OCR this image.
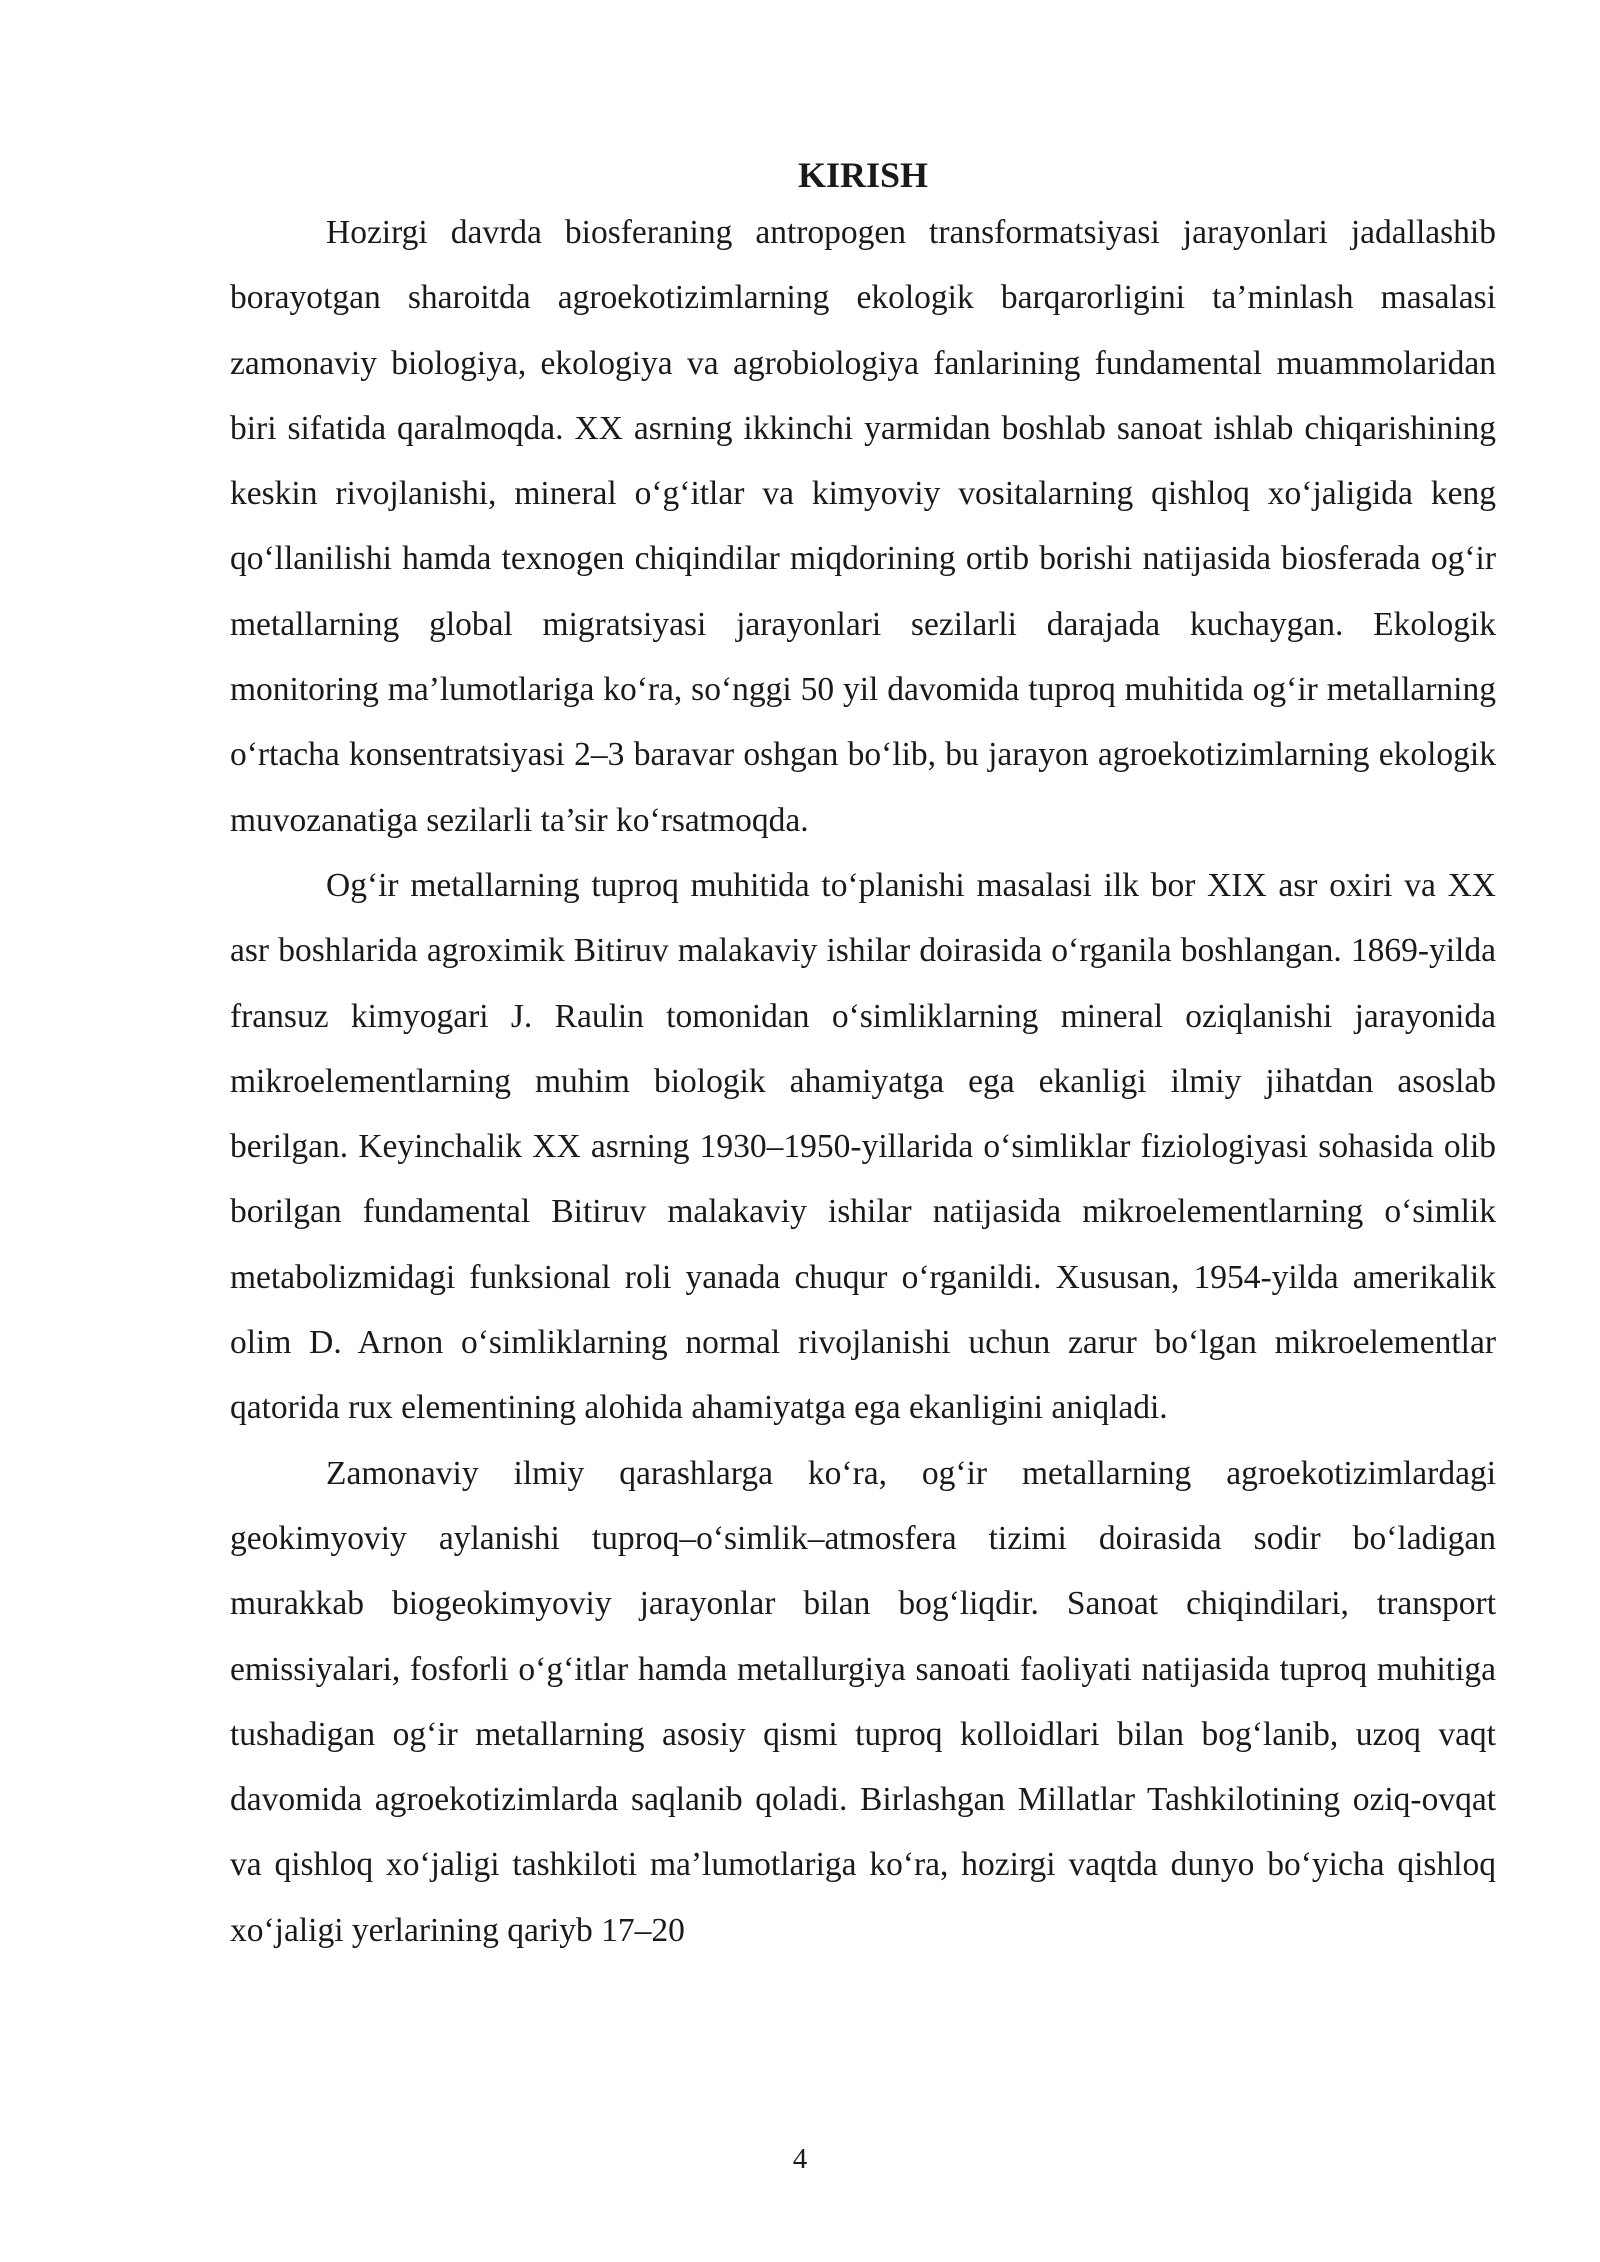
KIRISH

Hozirgi davrda biosferaning antropogen transformatsiyasi jarayonlari jadallashib borayotgan sharoitda agroekotizimlarning ekologik barqarorligini ta’minlash masalasi zamonaviy biologiya, ekologiya va agrobiologiya fanlarining fundamental muammolaridan biri sifatida qaralmoqda. XX asrning ikkinchi yarmidan boshlab sanoat ishlab chiqarishining keskin rivojlanishi, mineral o‘g‘itlar va kimyoviy vositalarning qishloq xo‘jaligida keng qo‘llanilishi hamda texnogen chiqindilar miqdorining ortib borishi natijasida biosferada og‘ir metallarning global migratsiyasi jarayonlari sezilarli darajada kuchaygan. Ekologik monitoring ma’lumotlariga ko‘ra, so‘nggi 50 yil davomida tuproq muhitida og‘ir metallarning o‘rtacha konsentratsiyasi 2–3 baravar oshgan bo‘lib, bu jarayon agroekotizimlarning ekologik muvozanatiga sezilarli ta’sir ko‘rsatmoqda.

Og‘ir metallarning tuproq muhitida to‘planishi masalasi ilk bor XIX asr oxiri va XX asr boshlarida agroximik Bitiruv malakaviy ishilar doirasida o‘rganila boshlangan. 1869-yilda fransuz kimyogari J. Raulin tomonidan o‘simliklarning mineral oziqlanishi jarayonida mikroelementlarning muhim biologik ahamiyatga ega ekanligi ilmiy jihatdan asoslab berilgan. Keyinchalik XX asrning 1930–1950-yillarida o‘simliklar fiziologiyasi sohasida olib borilgan fundamental Bitiruv malakaviy ishilar natijasida mikroelementlarning o‘simlik metabolizmidagi funksional roli yanada chuqur o‘rganildi. Xususan, 1954-yilda amerikalik olim D. Arnon o‘simliklarning normal rivojlanishi uchun zarur bo‘lgan mikroelementlar qatorida rux elementining alohida ahamiyatga ega ekanligini aniqladi.

Zamonaviy ilmiy qarashlarga ko‘ra, og‘ir metallarning agroekotizimlardagi geokimyoviy aylanishi tuproq–o‘simlik–atmosfera tizimi doirasida sodir bo‘ladigan murakkab biogeokimyoviy jarayonlar bilan bog‘liqdir. Sanoat chiqindilari, transport emissiyalari, fosforli o‘g‘itlar hamda metallurgiya sanoati faoliyati natijasida tuproq muhitiga tushadigan og‘ir metallarning asosiy qismi tuproq kolloidlari bilan bog‘lanib, uzoq vaqt davomida agroekotizimlarda saqlanib qoladi. Birlashgan Millatlar Tashkilotining oziq-ovqat va qishloq xo‘jaligi tashkiloti ma’lumotlariga ko‘ra, hozirgi vaqtda dunyo bo‘yicha qishloq xo‘jaligi yerlarining qariyb 17–20

4
